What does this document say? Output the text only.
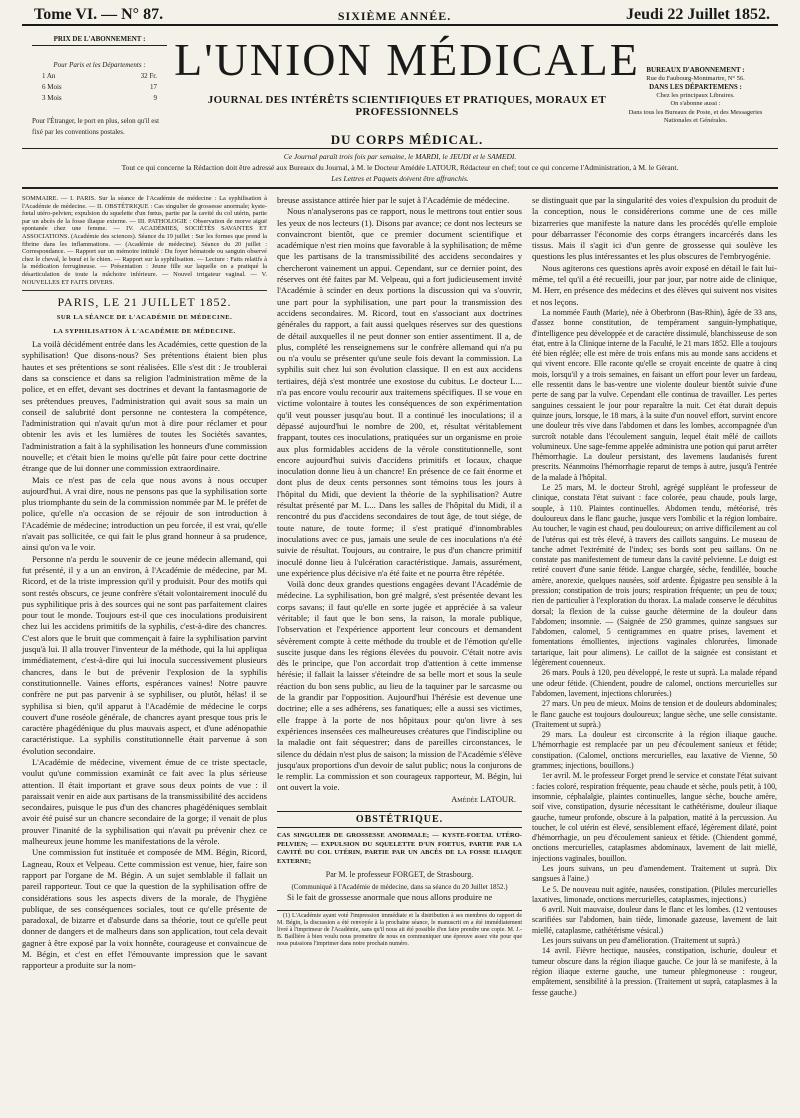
Tome VI. — N° 87.	SIXIÈME ANNÉE.	Jeudi 22 Juillet 1852.
PRIX DE L'ABONNEMENT :
Pour Paris et les Départements :
1 An	32 Fr.
6 Mois	17
3 Mois	9
Pour l'Étranger, le port en plus, selon qu'il est fixé par les conventions postales.
L'UNION MÉDICALE
JOURNAL DES INTÉRÊTS SCIENTIFIQUES ET PRATIQUES, MORAUX ET PROFESSIONNELS
DU CORPS MÉDICAL.
BUREAUX D'ABONNEMENT :
Rue du Faubourg-Montmartre, N° 56.
DANS LES DÉPARTEMENS :
Chez les principaux Libraires.
On s'abonne aussi :
Dans tous les Bureaux de Poste, et des Messageries Nationales et Générales.
Ce Journal paraît trois fois par semaine, le MARDI, le JEUDI et le SAMEDI.
Tout ce qui concerne la Rédaction doit être adressé aux Bureaux du Journal, à M. le Docteur Amédée LATOUR, Rédacteur en chef; tout ce qui concerne l'Administration, à M. le Gérant.
Les Lettres et Paquets doivent être affranchis.

SOMMAIRE. — I. PARIS. Sur la séance de l'Académie de médecine : La syphilisation à l'Académie de médecine. — II. OBSTÉTRIQUE : Cas singulier de grossesse anormale; kyste-fœtal utéro-pelvien; expulsion du squelette d'un fœtus, partie par la cavité du col utérin, partie par un abcès de la fosse iliaque externe. — III. PATHOLOGIE : Observation de morve aiguë spontanée chez une femme. — IV. ACADÉMIES, SOCIÉTÉS SAVANTES ET ASSOCIATIONS. (Académie des sciences). Séance du 19 juillet : Sur les formes que prend la fibrine dans les inflammations. — (Académie de médecine). Séance du 20 juillet : Correspondance. — Rapport sur un mémoire intitulé : Du foyer hématode ou sanguin observé chez le cheval, le bœuf et le chien. — Rapport sur la syphilisation. — Lecture : Faits relatifs à la médication ferrugineuse. — Présentation : Jeune fille sur laquelle on a pratiqué la désarticulation de toute la mâchoire inférieure. — Nouvel irrigateur vaginal. — V. NOUVELLES ET FAITS DIVERS.

PARIS, LE 21 JUILLET 1852.
SUR LA SÉANCE DE L'ACADÉMIE DE MÉDECINE.
LA SYPHILISATION À L'ACADÉMIE DE MÉDECINE.

La voilà décidément entrée dans les Académies, cette question de la syphilisation! Que disons-nous? Ses prétentions étaient bien plus hautes et ses prétentions se sont réalisées. Elle s'est dit : Je troublerai dans sa conscience et dans sa religion l'administration même de la police, et en effet, devant ses doctrines et devant la fantasmagorie de ses prétendues preuves, l'administration qui avait sous sa main un conseil de salubrité dont personne ne contestera la compétence, l'administration qui n'avait qu'un mot à dire pour réclamer et pour obtenir les avis et les lumières de toutes les Sociétés savantes, l'administration a fait à la syphilisation les honneurs d'une commission nouvelle; et c'était bien le moins qu'elle pût faire pour cette doctrine étrange que de lui donner une commission extraordinaire.

Mais ce n'est pas de cela que nous avons à nous occuper aujourd'hui. A vrai dire, nous ne pensons pas que la syphilisation sorte plus triomphante du sein de la commission nommée par M. le préfet de police, qu'elle n'a occasion de se réjouir de son introduction à l'Académie de médecine; introduction un peu forcée, il est vrai, qu'elle n'avait pas sollicitée, ce qui fait le plus grand honneur à sa prudence, ainsi qu'on va le voir.

Personne n'a perdu le souvenir de ce jeune médecin allemand, qui fut présenté, il y a un an environ, à l'Académie de médecine, par M. Ricord, et de la triste impression qu'il y produisit. Pour des motifs qui sont restés obscurs, ce jeune confrère s'était volontairement inoculé du pus syphilitique pris à des sources qui ne sont pas parfaitement claires pour tout le monde. Toujours est-il que ces inoculations produisirent chez lui les accidens primitifs de la syphilis, c'est-à-dire des chancres. C'est alors que le bruit que commençait à faire la syphilisation parvint jusqu'à lui. Il alla trouver l'inventeur de la méthode, qui la lui appliqua immédiatement, c'est-à-dire qui lui inocula successivement plusieurs chancres, dans le but de prévenir l'explosion de la syphilis constitutionnelle. Vaines efforts, espérances vaines! Notre pauvre confrère ne put pas parvenir à se syphiliser, ou plutôt, hélas! il se syphilisa si bien, qu'il apparut à l'Académie de médecine le corps couvert d'une roséole générale, de chancres ayant presque tous pris le caractère phagédénique du plus mauvais aspect, et d'une adénopathie caractéristique. La syphilis constitutionnelle était parvenue à son évolution secondaire.

L'Académie de médecine, vivement émue de ce triste spectacle, voulut qu'une commission examinât ce fait avec la plus sérieuse attention. Il était important et grave sous deux points de vue : il paraissait venir en aide aux partisans de la transmissibilité des accidens secondaires, puisque le pus d'un des chancres phagédéniques semblait avoir été puisé sur un chancre secondaire de la gorge; il venait de plus prouver l'inanité de la syphilisation qui n'avait pu prévenir chez ce malheureux jeune homme les manifestations de la vérole.

Une commission fut instituée et composée de MM. Bégin, Ricord, Lagneau, Roux et Velpeau. Cette commission est venue, hier, faire son rapport par l'organe de M. Bégin. A un sujet semblable il fallait un pareil rapporteur. Tout ce que la question de la syphilisation offre de considérations sous les aspects divers de la morale, de l'hygiène publique, de ses conséquences sociales, tout ce qu'elle présente de paradoxal, de bizarre et d'absurde dans sa théorie, tout ce qu'elle peut donner de dangers et de malheurs dans son application, tout cela devait gagner à être exposé par la voix honnête, courageuse et convaincue de M. Bégin, et c'est en effet l'émouvante impression que le savant rapporteur a produite sur la nom-

breuse assistance attirée hier par le sujet à l'Académie de médecine.

Nous n'analyserons pas ce rapport, nous le mettrons tout entier sous les yeux de nos lecteurs (1). Disons par avance; ce dont nos lecteurs se convaincront bientôt, que ce premier document scientifique et académique n'est rien moins que favorable à la syphilisation; de même que les partisans de la transmissibilité des accidens secondaires y chercheront vainement un appui. Cependant, sur ce dernier point, des réserves ont été faites par M. Velpeau, qui a fort judicieusement invité l'Académie à scinder en deux portions la discussion qui va s'ouvrir, une part pour la syphilisation, une part pour la transmission des accidens secondaires. M. Ricord, tout en s'associant aux doctrines générales du rapport, a fait aussi quelques réserves sur des questions de détail auxquelles il ne peut donner son entier assentiment. Il a, de plus, complété les renseignemens sur le confrère allemand qui n'a pu ou n'a voulu se présenter qu'une seule fois devant la commission. La syphilis suit chez lui son évolution classique. Il en est aux accidens tertiaires, déjà s'est montrée une exostose du cubitus. Le docteur L... n'a pas encore voulu recourir aux traitemens spécifiques. Il se voue en victime volontaire à toutes les conséquences de son expérimentation qu'il veut pousser jusqu'au bout. Il a continué les inoculations; il a dépassé aujourd'hui le nombre de 200, et, résultat véritablement frappant, toutes ces inoculations, pratiquées sur un organisme en proie aux plus formidables accidens de la vérole constitutionnelle, sont encore aujourd'hui suivis d'accidens primitifs et locaux, chaque inoculation donne lieu à un chancre! En présence de ce fait énorme et dont plus de deux cents personnes sont témoins tous les jours à l'hôpital du Midi, que devient la théorie de la syphilisation? Autre résultat présenté par M. L... Dans les salles de l'hôpital du Midi, il a rencontré du pus d'accidens secondaires de tout âge, de tout siége, de toute nature, de toute forme; il s'est pratiqué d'innombrables inoculations avec ce pus, jamais une seule de ces inoculations n'a été suivie de résultat. Toujours, au contraire, le pus d'un chancre primitif inoculé donne lieu à l'ulcération caractéristique. Jamais, assurément, une expérience plus décisive n'a été faite et ne pourra être répétée.

Voilà donc deux grandes questions engagées devant l'Académie de médecine. La syphilisation, bon gré malgré, s'est présentée devant les corps savans; il faut qu'elle en sorte jugée et appréciée à sa valeur véritable; il faut que le bon sens, la raison, la morale publique, l'observation et l'expérience apportent leur concours et demandent sévèrement compte à cette méthode du trouble et de l'émotion qu'elle suscite jusque dans les régions élevées du pouvoir. C'était notre avis dès le principe, que l'on accordait trop d'attention à cette immense hérésie; il fallait la laisser s'éteindre de sa belle mort et sous la seule réaction du bon sens public, au lieu de la taquiner par le sarcasme ou de la grandir par l'opposition. Aujourd'hui l'hérésie est devenue une doctrine; elle a ses adhérens, ses fanatiques; elle a aussi ses victimes, elle frappe à la porte de nos hôpitaux pour qu'on livre à ses expériences insensées ces malheureuses créatures que l'indiscipline ou la maladie ont fait séquestrer; dans de pareilles circonstances, le silence du dédain n'est plus de saison; la mission de l'Académie s'élève jusqu'aux proportions d'un devoir de salut public; nous la conjurons de le remplir. La commission et son courageux rapporteur, M. Bégin, lui ont ouvert la voie.

Amédée LATOUR.
OBSTÉTRIQUE.

CAS SINGULIER DE GROSSESSE ANORMALE; — KYSTE-FOETAL UTÉRO-PELVIEN; — EXPULSION DU SQUELETTE D'UN FOETUS, PARTIE PAR LA CAVITÉ DU COL UTÉRIN, PARTIE PAR UN ABCÈS DE LA FOSSE ILIAQUE EXTERNE;

Par M. le professeur FORGET, de Strasbourg.

(Communiqué à l'Académie de médecine, dans sa séance du 20 Juillet 1852.)

Si le fait de grossesse anormale que nous allons produire ne

(1) L'Académie ayant voté l'impression immédiate et la distribution à ses membres du rapport de M. Bégin, la discussion a été renvoyée à la prochaine séance, le manuscrit en a été immédiatement livré à l'imprimeur de l'Académie, sans qu'il nous ait été possible d'en faire prendre une copie. M. J.-B. Baillière à bien voulu nous promettre de nous en communiquer une épreuve assez vite pour que nous puissions l'imprimer dans notre prochain numéro.

se distinguait que par la singularité des voies d'expulsion du produit de la conception, nous le considérerions comme une de ces mille bizarreries que manifeste la nature dans les procédés qu'elle emploie pour débarrasser l'économie des corps étrangers incarcérés dans les tissus. Mais il s'agit ici d'un genre de grossesse qui soulève les questions les plus intéressantes et les plus obscures de l'embryogénie.

Nous agiterons ces questions après avoir exposé en détail le fait lui-même, tel qu'il a été recueilli, jour par jour, par notre aide de clinique, M. Herr, en présence des médecins et des élèves qui suivent nos visites et nos leçons.

La nommée Fauth (Marie), née à Oberbronn (Bas-Rhin), âgée de 33 ans, d'assez bonne constitution, de tempérament sanguin-lymphatique, d'intelligence peu développée et de caractère dissimulé, blanchisseuse de son état, entre à la Clinique interne de la Faculté, le 21 mars 1852. Elle a toujours été bien réglée; elle est mère de trois enfans mis au monde sans accidens et qui vivent encore. Elle raconte qu'elle se croyait enceinte de quatre à cinq mois, lorsqu'il y a trois semaines, en faisant un effort pour lever un fardeau, elle ressentit dans le bas-ventre une violente douleur bientôt suivie d'une perte de sang par la vulve. Cependant elle continua de travailler. Les pertes sanguines cessaient le jour pour reparaître la nuit. Cet état durait depuis quinze jours, lorsque, le 18 mars, à la suite d'un nouvel effort, survint encore une douleur très vive dans l'abdomen et dans les lombes, accompagnée d'un surcroît notable dans l'écoulement sanguin, lequel était mêlé de caillots volumineux. Une sage-femme appelée administra une potion qui parut arrêter l'hémorrhagie. La douleur persistant, des lavemens laudanisés furent prescrits. Néanmoins l'hémorrhagie reparut de temps à autre, jusqu'à l'entrée de la malade à l'hôpital.

Le 25 mars, M. le docteur Strohl, agrégé suppléant le professeur de clinique, constata l'état suivant : face colorée, peau chaude, pouls large, souple, à 110. Plaintes continuelles. Abdomen tendu, météorisé, très douloureux dans le flanc gauche, jusque vers l'ombilic et la région lombaire. Au toucher, le vagin est chaud, peu douloureux; on arrive difficilement au col de l'utérus qui est très élevé, à travers des caillots sanguins. Le museau de tanche admet l'extrémité de l'index; ses bords sont peu saillans. On ne constate pas manifestement de tumeur dans la cavité pelvienne. Le doigt est retiré couvert d'une sanie fétide. Langue chargée, sèche, fendillée, bouche amère, anorexie, quelques nausées, soif ardente. Épigastre peu sensible à la pression; constipation de trois jours; respiration fréquente; un peu de toux; rien de particulier à l'exploration du thorax. La malade conserve le décubitus dorsal; la flexion de la cuisse gauche détermine de la douleur dans l'abdomen; insomnie. — (Saignée de 250 grammes, quinze sangsues sur l'abdomen, calomel, 5 centigrammes en quatre prises, lavement et fomentations émollientes, injections vaginales chlorurées, limonade tartarique, lait pour alimens). Le caillot de la saignée est consistant et légèrement couenneux.

26 mars. Pouls à 120, peu développé, le reste ut suprà. La malade répand une odeur fétide. (Chiendent, poudre de calomel, onctions mercurielles sur l'abdomen, lavement, injections chlorurées.)

27 mars. Un peu de mieux. Moins de tension et de douleurs abdominales; le flanc gauche est toujours douloureux; langue sèche, une selle consistante. (Traitement ut suprà.)

29 mars. La douleur est circonscrite à la région iliaque gauche. L'hémorrhagie est remplacée par un peu d'écoulement sanieux et fétide; constipation. (Calomel, onctions mercurielles, eau laxative de Vienne, 50 grammes; injections, bouillons.)

1er avril. M. le professeur Forget prend le service et constate l'état suivant : facies coloré, respiration fréquente, peau chaude et sèche, pouls petit, à 100, insomnie, céphalalgie, plaintes continuelles, langue sèche, bouche amère, soif vive, constipation, dysurie nécessitant le cathétérisme, douleur iliaque gauche, tumeur profonde, obscure à la palpation, matité à la percussion. Au toucher, le col utérin est élevé, sensiblement effacé, légèrement dilaté, point d'hémorrhagie, un peu d'écoulement sanieux et fétide. (Chiendent gommé, onctions mercurielles, cataplasmes abdominaux, lavement de lait miellé, injections vaginales, bouillon.

Les jours suivans, un peu d'amendement. Traitement ut suprà. Dix sangsues à l'aine.)

Le 5. De nouveau nuit agitée, nausées, constipation. (Pilules mercurielles laxatives, limonade, onctions mercurielles, cataplasmes, injections.)

6 avril. Nuit mauvaise, douleur dans le flanc et les lombes. (12 ventouses scarifiées sur l'abdomen, bain tiède, limonade gazeuse, lavement de lait miellé, cataplasme, cathétérisme vésical.)

Les jours suivans un peu d'amélioration. (Traitement ut suprà.)

14 avril. Fièvre hectique, nausées, constipation, ischurie, douleur et tumeur obscure dans la région iliaque gauche. Ce jour là se manifeste, à la région iliaque externe gauche, une tumeur phlegmoneuse : rougeur, empâtement, sensibilité à la pression. (Traitement ut suprà, cataplasmes à la fesse gauche.)
